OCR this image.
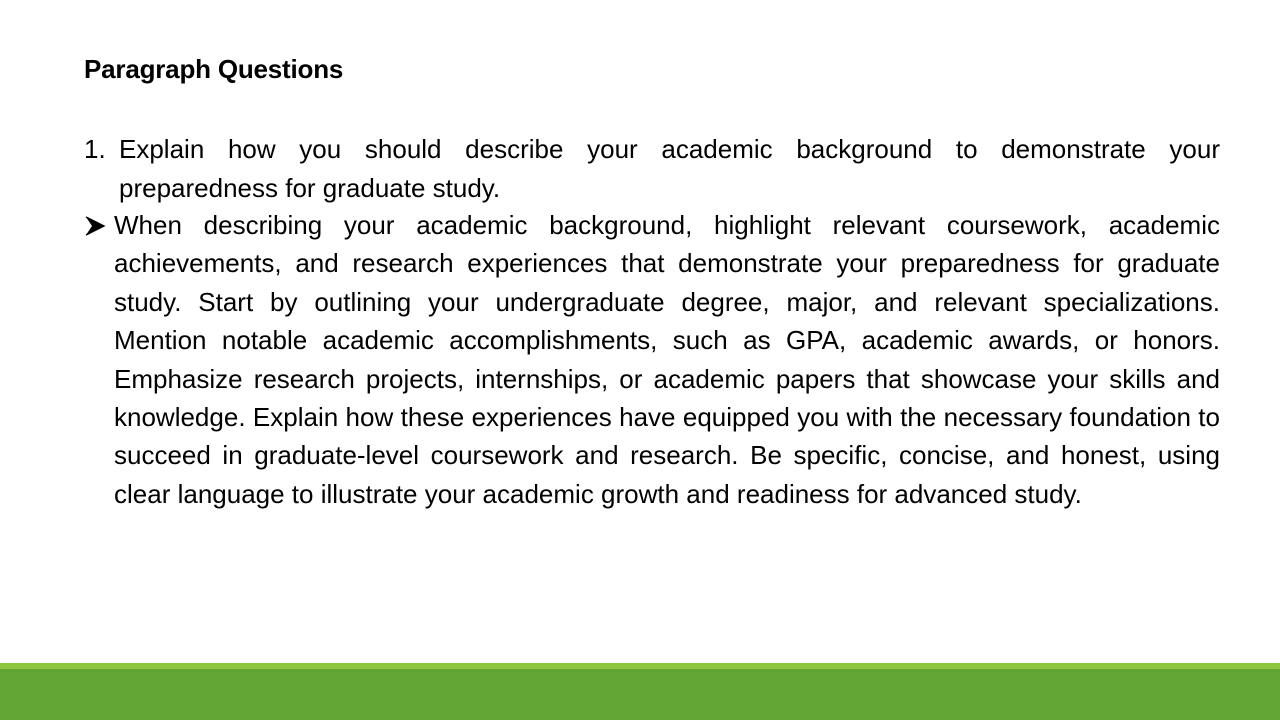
Paragraph Questions
1. Explain how you should describe your academic background to demonstrate your preparedness for graduate study.
When describing your academic background, highlight relevant coursework, academic achievements, and research experiences that demonstrate your preparedness for graduate study. Start by outlining your undergraduate degree, major, and relevant specializations. Mention notable academic accomplishments, such as GPA, academic awards, or honors. Emphasize research projects, internships, or academic papers that showcase your skills and knowledge. Explain how these experiences have equipped you with the necessary foundation to succeed in graduate-level coursework and research. Be specific, concise, and honest, using clear language to illustrate your academic growth and readiness for advanced study.
